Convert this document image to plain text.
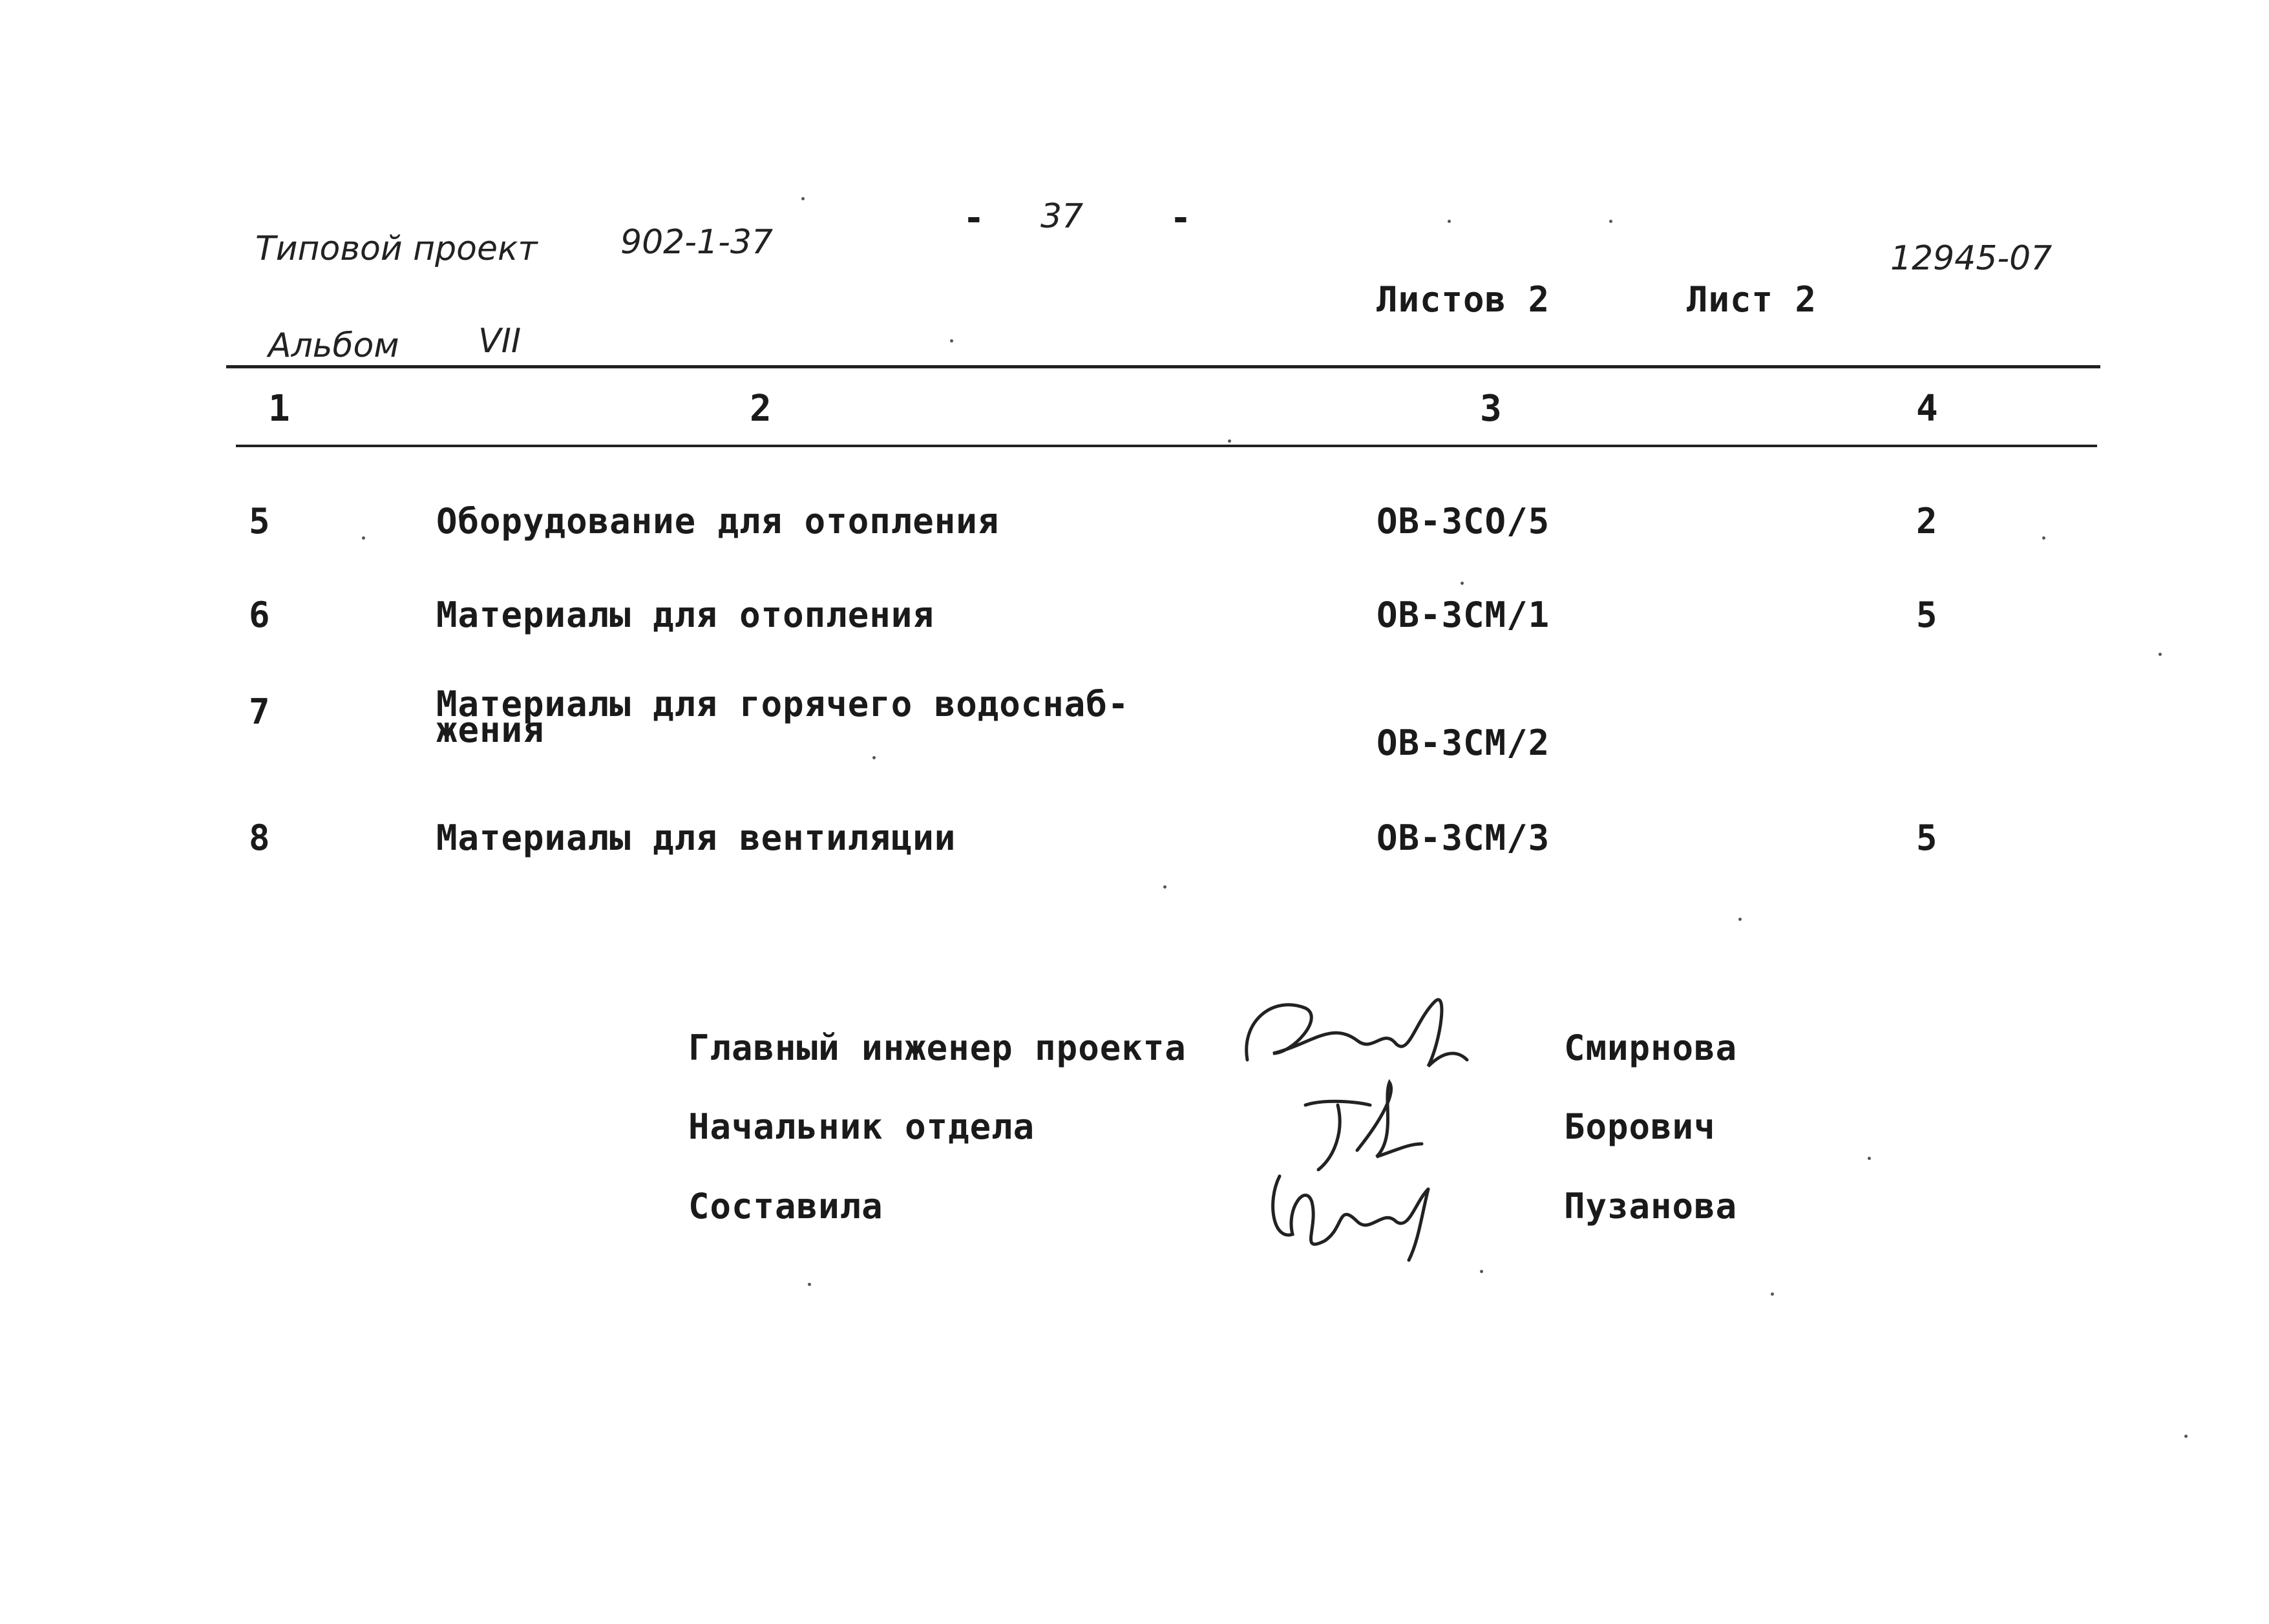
Типовой проект 902-1-37
- 37 -
12945-07
Альбом VII
Листов 2	Лист 2
1	2	3	4
5	Оборудование для отопления	ОВ-ЗСО/5	2
6	Материалы для отопления	ОВ-ЗСМ/1	5
7	Материалы для горячего водоснаб-жения	ОВ-ЗСМ/2
8	Материалы для вентиляции	ОВ-ЗСМ/3	5
Главный инженер проекта	Смирнова
Начальник отдела	Борович
Составила	Пузанова
